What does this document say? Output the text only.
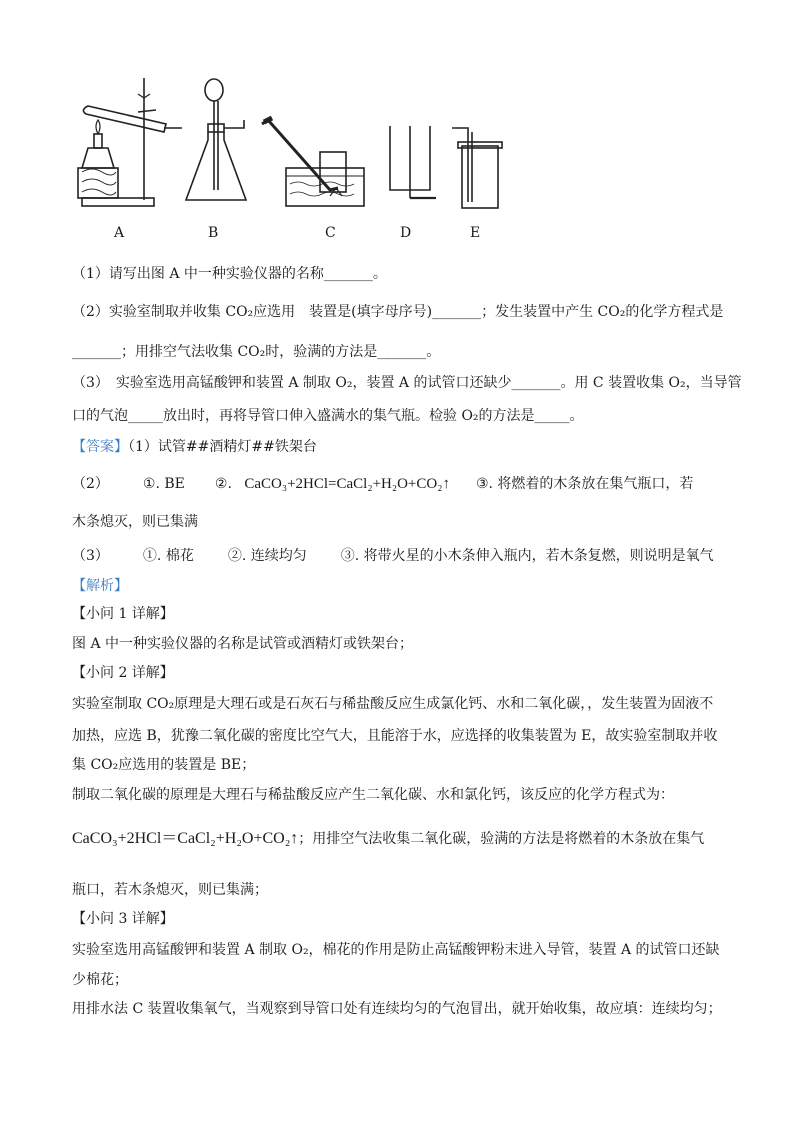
A	B	C	D	E
（1）请写出图 A 中一种实验仪器的名称_______。
（2）实验室制取并收集 CO₂应选用　装置是(填字母序号)_______；发生装置中产生 CO₂的化学方程式是
_______；用排空气法收集 CO₂时，验满的方法是_______。
（3）　实验室选用高锰酸钾和装置 A 制取 O₂，装置 A 的试管口还缺少_______。用 C 装置收集 O₂，当导管
口的气泡_____放出时，再将导管口伸入盛满水的集气瓶。检验 O₂的方法是_____。
【答案】（1）试管##酒精灯##铁架台
（2） ①. BE ②. CaCO₃+2HCl=CaCl₂+H₂O+CO₂↑ ③. 将燃着的木条放在集气瓶口，若
木条熄灭，则已集满
（3） ①. 棉花 ②. 连续均匀 ③. 将带火星的小木条伸入瓶内，若木条复燃，则说明是氧气
【解析】
【小问 1 详解】
图 A 中一种实验仪器的名称是试管或酒精灯或铁架台；
【小问 2 详解】
实验室制取 CO₂原理是大理石或是石灰石与稀盐酸反应生成氯化钙、水和二氧化碳，，发生装置为固液不
加热，应选 B，犹豫二氧化碳的密度比空气大，且能溶于水，应选择的收集装置为 E，故实验室制取并收
集 CO₂应选用的装置是 BE；
制取二氧化碳的原理是大理石与稀盐酸反应产生二氧化碳、水和氯化钙，该反应的化学方程式为：
CaCO₃+2HCl＝CaCl₂+H₂O+CO₂↑；用排空气法收集二氧化碳，验满的方法是将燃着的木条放在集气
瓶口，若木条熄灭，则已集满；
【小问 3 详解】
实验室选用高锰酸钾和装置 A 制取 O₂，棉花的作用是防止高锰酸钾粉末进入导管，装置 A 的试管口还缺
少棉花；
用排水法 C 装置收集氧气，当观察到导管口处有连续均匀的气泡冒出，就开始收集，故应填：连续均匀；
